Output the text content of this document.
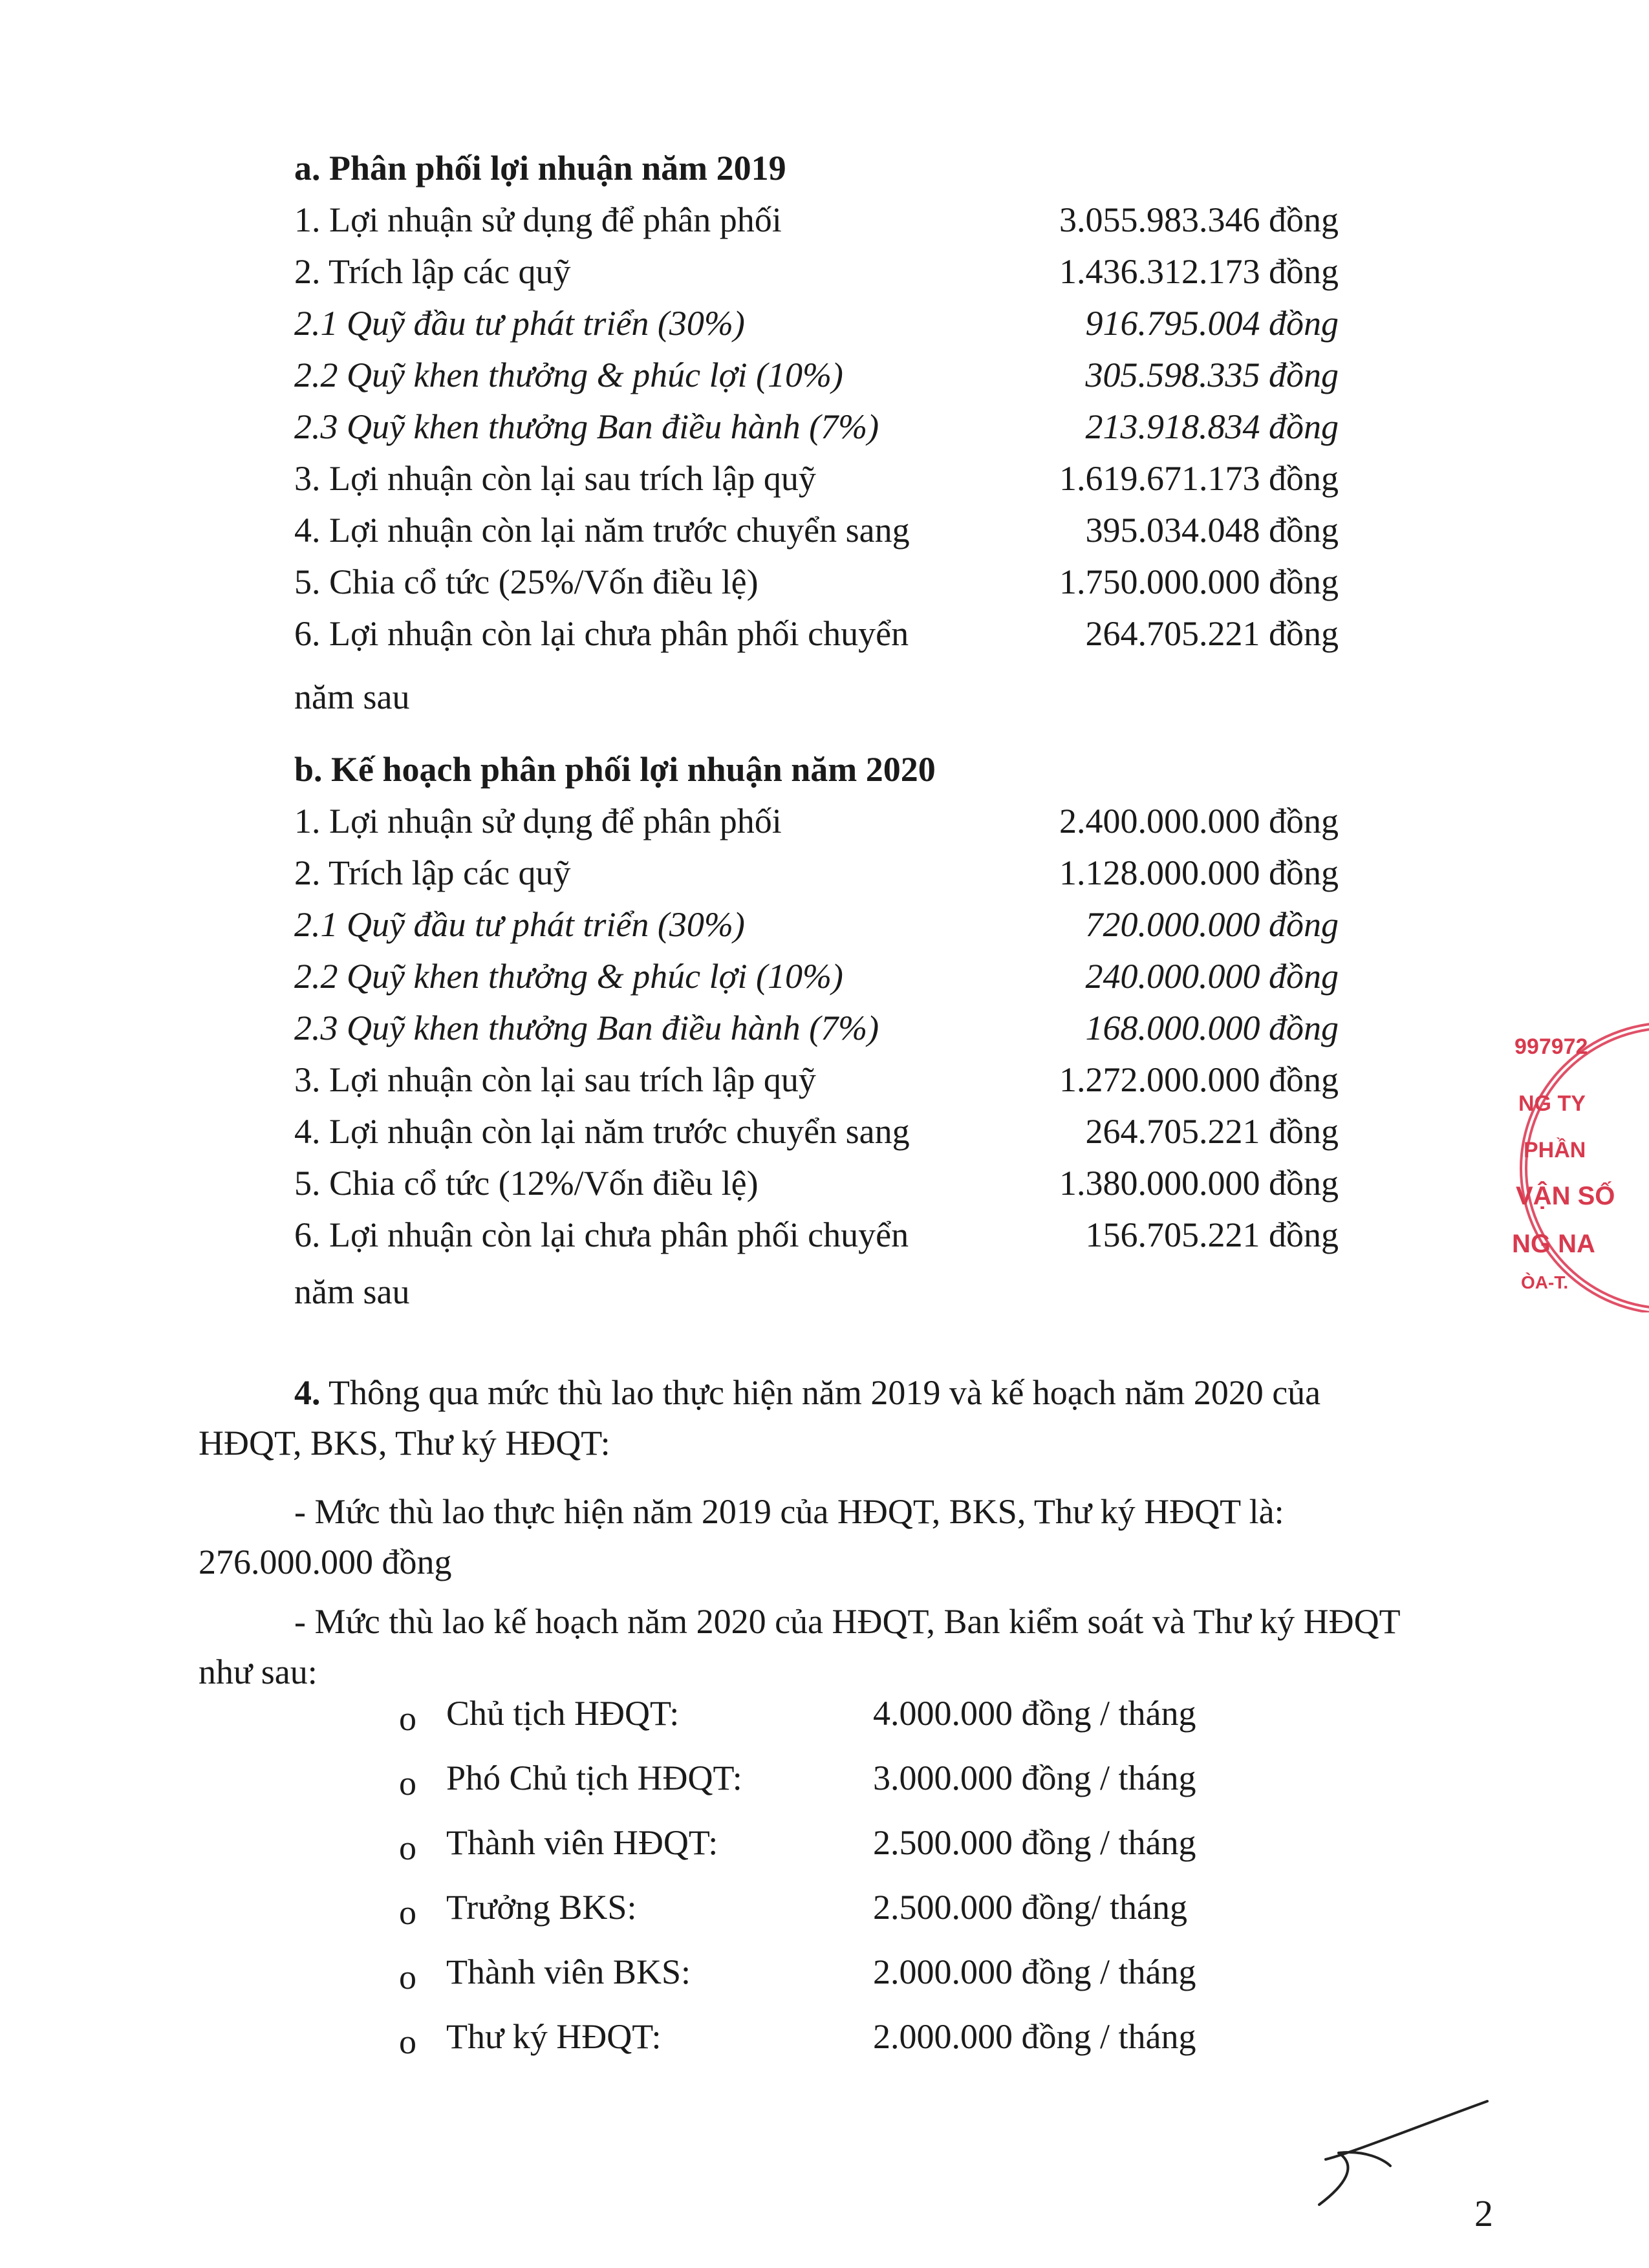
a. Phân phối lợi nhuận năm 2019
1. Lợi nhuận sử dụng để phân phối	3.055.983.346 đồng
2. Trích lập các quỹ	1.436.312.173 đồng
2.1 Quỹ đầu tư phát triển (30%)	916.795.004 đồng
2.2 Quỹ khen thưởng & phúc lợi (10%)	305.598.335 đồng
2.3 Quỹ khen thưởng Ban điều hành (7%)	213.918.834 đồng
3. Lợi nhuận còn lại sau trích lập quỹ	1.619.671.173 đồng
4. Lợi nhuận còn lại năm trước chuyển sang	395.034.048 đồng
5. Chia cổ tức (25%/Vốn điều lệ)	1.750.000.000 đồng
6. Lợi nhuận còn lại chưa phân phối chuyển	264.705.221 đồng
năm sau
b. Kế hoạch phân phối lợi nhuận năm 2020
1. Lợi nhuận sử dụng để phân phối	2.400.000.000 đồng
2. Trích lập các quỹ	1.128.000.000 đồng
2.1 Quỹ đầu tư phát triển (30%)	720.000.000 đồng
2.2 Quỹ khen thưởng & phúc lợi (10%)	240.000.000 đồng
2.3 Quỹ khen thưởng Ban điều hành (7%)	168.000.000 đồng
3. Lợi nhuận còn lại sau trích lập quỹ	1.272.000.000 đồng
4. Lợi nhuận còn lại năm trước chuyển sang	264.705.221 đồng
5. Chia cổ tức (12%/Vốn điều lệ)	1.380.000.000 đồng
6. Lợi nhuận còn lại chưa phân phối chuyển	156.705.221 đồng
năm sau
4. Thông qua mức thù lao thực hiện năm 2019 và kế hoạch năm 2020 của
HĐQT, BKS, Thư ký HĐQT:
- Mức thù lao thực hiện năm 2019 của HĐQT, BKS, Thư ký HĐQT là:
276.000.000 đồng
- Mức thù lao kế hoạch năm 2020 của HĐQT, Ban kiểm soát và Thư ký HĐQT
như sau:
o Chủ tịch HĐQT:	4.000.000 đồng / tháng
o Phó Chủ tịch HĐQT:	3.000.000 đồng / tháng
o Thành viên HĐQT:	2.500.000 đồng / tháng
o Trưởng BKS:	2.500.000 đồng/ tháng
o Thành viên BKS:	2.000.000 đồng / tháng
o Thư ký HĐQT:	2.000.000 đồng / tháng
997972
NG TY
PHẦN
VẬN SỐ
NG NA
ÒA-T.
2
